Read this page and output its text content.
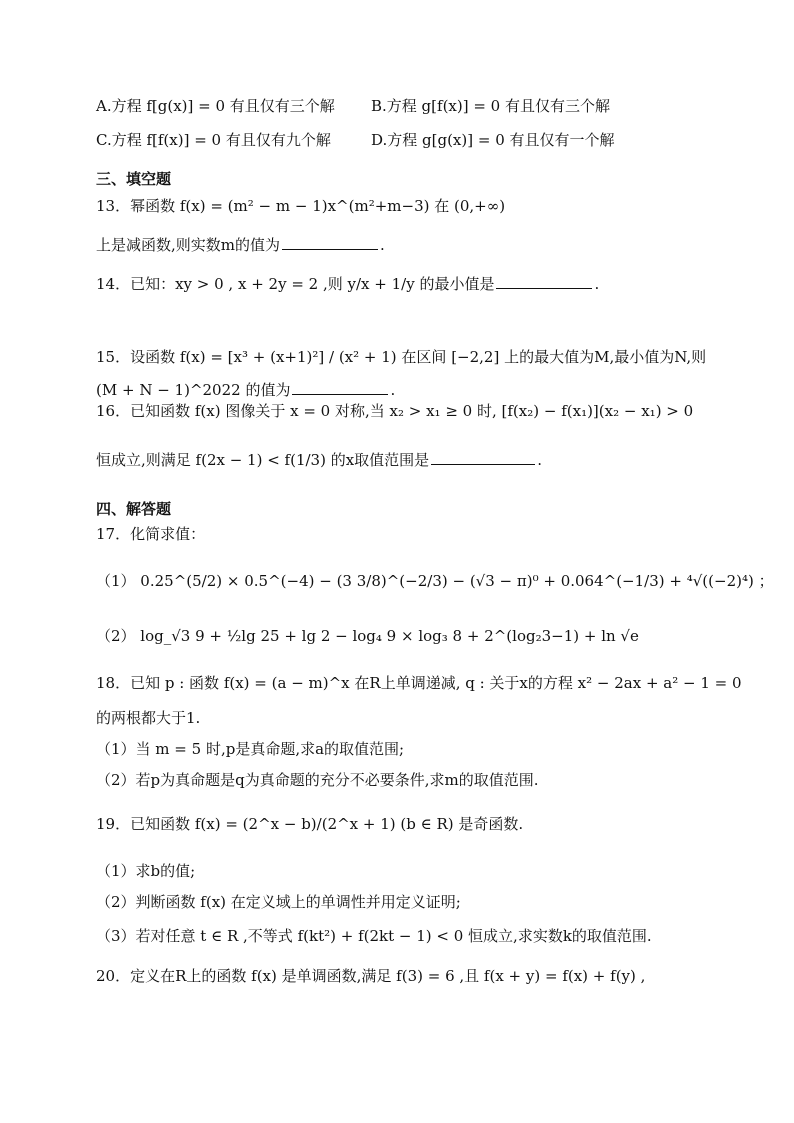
A.方程 f[g(x)] = 0 有且仅有三个解 B.方程 g[f(x)] = 0 有且仅有三个解
C.方程 f[f(x)] = 0 有且仅有九个解	D.方程 g[g(x)] = 0 有且仅有一个解
三、填空题
13．幂函数 f(x) = (m² − m − 1)x^(m²+m−3) 在 (0,+∞)
上是减函数,则实数m的值为	.
14．已知：xy > 0 , x + 2y = 2 ,则 y/x + 1/y 的最小值是	.
15．设函数 f(x) = [x³ + (x+1)²] / (x² + 1) 在区间 [−2,2] 上的最大值为M,最小值为N,则
(M + N − 1)^2022 的值为	.
16．已知函数 f(x) 图像关于 x = 0 对称,当 x₂ > x₁ ≥ 0 时, [f(x₂) − f(x₁)](x₂ − x₁) > 0
恒成立,则满足 f(2x − 1) < f(1/3) 的x取值范围是	.
四、解答题
17．化简求值：
（1） 0.25^(5/2) × 0.5^(−4) − (3 3/8)^(−2/3) − (√3 − π)⁰ + 0.064^(−1/3) + ⁴√((−2)⁴) ；
（2） log_√3 9 + ½lg 25 + lg 2 − log₄ 9 × log₃ 8 + 2^(log₂3−1) + ln √e
18．已知 p : 函数 f(x) = (a − m)^x 在R上单调递减, q : 关于x的方程 x² − 2ax + a² − 1 = 0
的两根都大于1.
（1）当 m = 5 时,p是真命题,求a的取值范围;
（2）若p为真命题是q为真命题的充分不必要条件,求m的取值范围.
19．已知函数 f(x) = (2^x − b)/(2^x + 1) (b ∈ R) 是奇函数.
（1）求b的值;
（2）判断函数 f(x) 在定义域上的单调性并用定义证明;
（3）若对任意 t ∈ R ,不等式 f(kt²) + f(2kt − 1) < 0 恒成立,求实数k的取值范围.
20．定义在R上的函数 f(x) 是单调函数,满足 f(3) = 6 ,且 f(x + y) = f(x) + f(y) ,
